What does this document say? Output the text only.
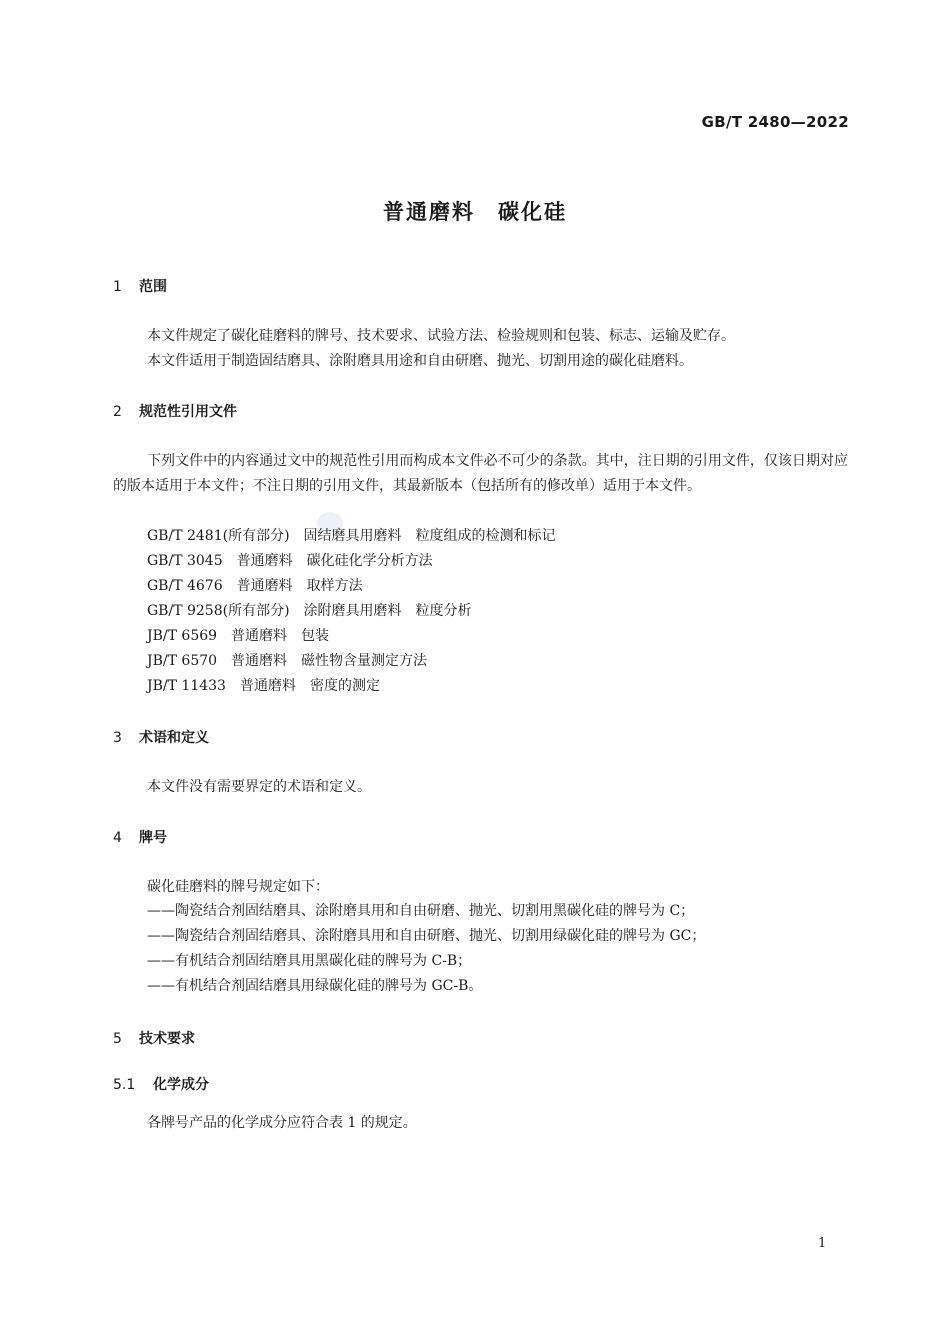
GB/T 2480—2022
普通磨料　碳化硅
1 范围
本文件规定了碳化硅磨料的牌号、技术要求、试验方法、检验规则和包装、标志、运输及贮存。
本文件适用于制造固结磨具、涂附磨具用途和自由研磨、抛光、切割用途的碳化硅磨料。
2 规范性引用文件
下列文件中的内容通过文中的规范性引用而构成本文件必不可少的条款。其中，注日期的引用文件，仅该日期对应的版本适用于本文件；不注日期的引用文件，其最新版本（包括所有的修改单）适用于本文件。
GB/T 2481(所有部分)　固结磨具用磨料　粒度组成的检测和标记
GB/T 3045　普通磨料　碳化硅化学分析方法
GB/T 4676　普通磨料　取样方法
GB/T 9258(所有部分)　涂附磨具用磨料　粒度分析
JB/T 6569　普通磨料　包装
JB/T 6570　普通磨料　磁性物含量测定方法
JB/T 11433　普通磨料　密度的测定
3 术语和定义
本文件没有需要界定的术语和定义。
4 牌号
碳化硅磨料的牌号规定如下：
——陶瓷结合剂固结磨具、涂附磨具用和自由研磨、抛光、切割用黑碳化硅的牌号为 C；
——陶瓷结合剂固结磨具、涂附磨具用和自由研磨、抛光、切割用绿碳化硅的牌号为 GC；
——有机结合剂固结磨具用黑碳化硅的牌号为 C-B；
——有机结合剂固结磨具用绿碳化硅的牌号为 GC-B。
5 技术要求
5.1 化学成分
各牌号产品的化学成分应符合表 1 的规定。
1
